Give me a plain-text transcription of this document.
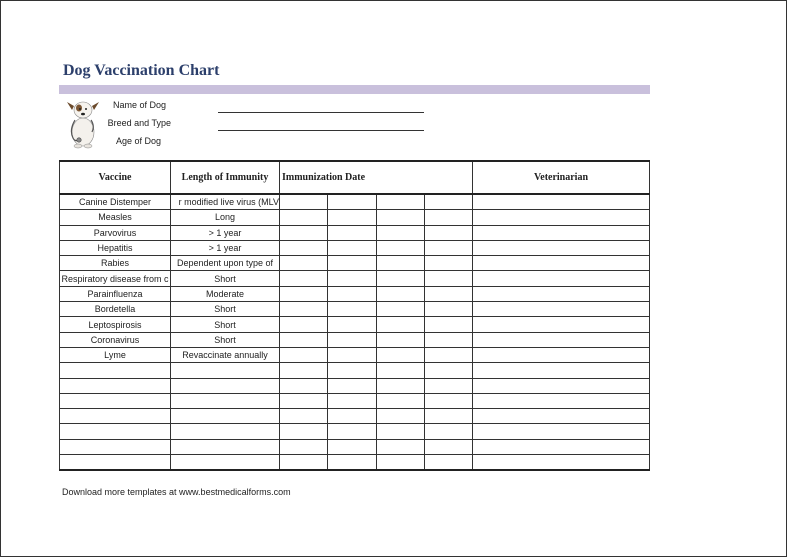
Dog Vaccination Chart
Name of Dog
Breed and Type
Age of Dog
Vaccine	Length of Immunity	Immunization Date				Veterinarian
Canine Distemper	r modified live virus (MLV					
Measles	Long					
Parvovirus	> 1 year					
Hepatitis	> 1 year					
Rabies	Dependent upon type of					
Respiratory disease from c	Short					
Parainfluenza	Moderate					
Bordetella	Short					
Leptospirosis	Short					
Coronavirus	Short					
Lyme	Revaccinate annually					

Download more templates at www.bestmedicalforms.com
